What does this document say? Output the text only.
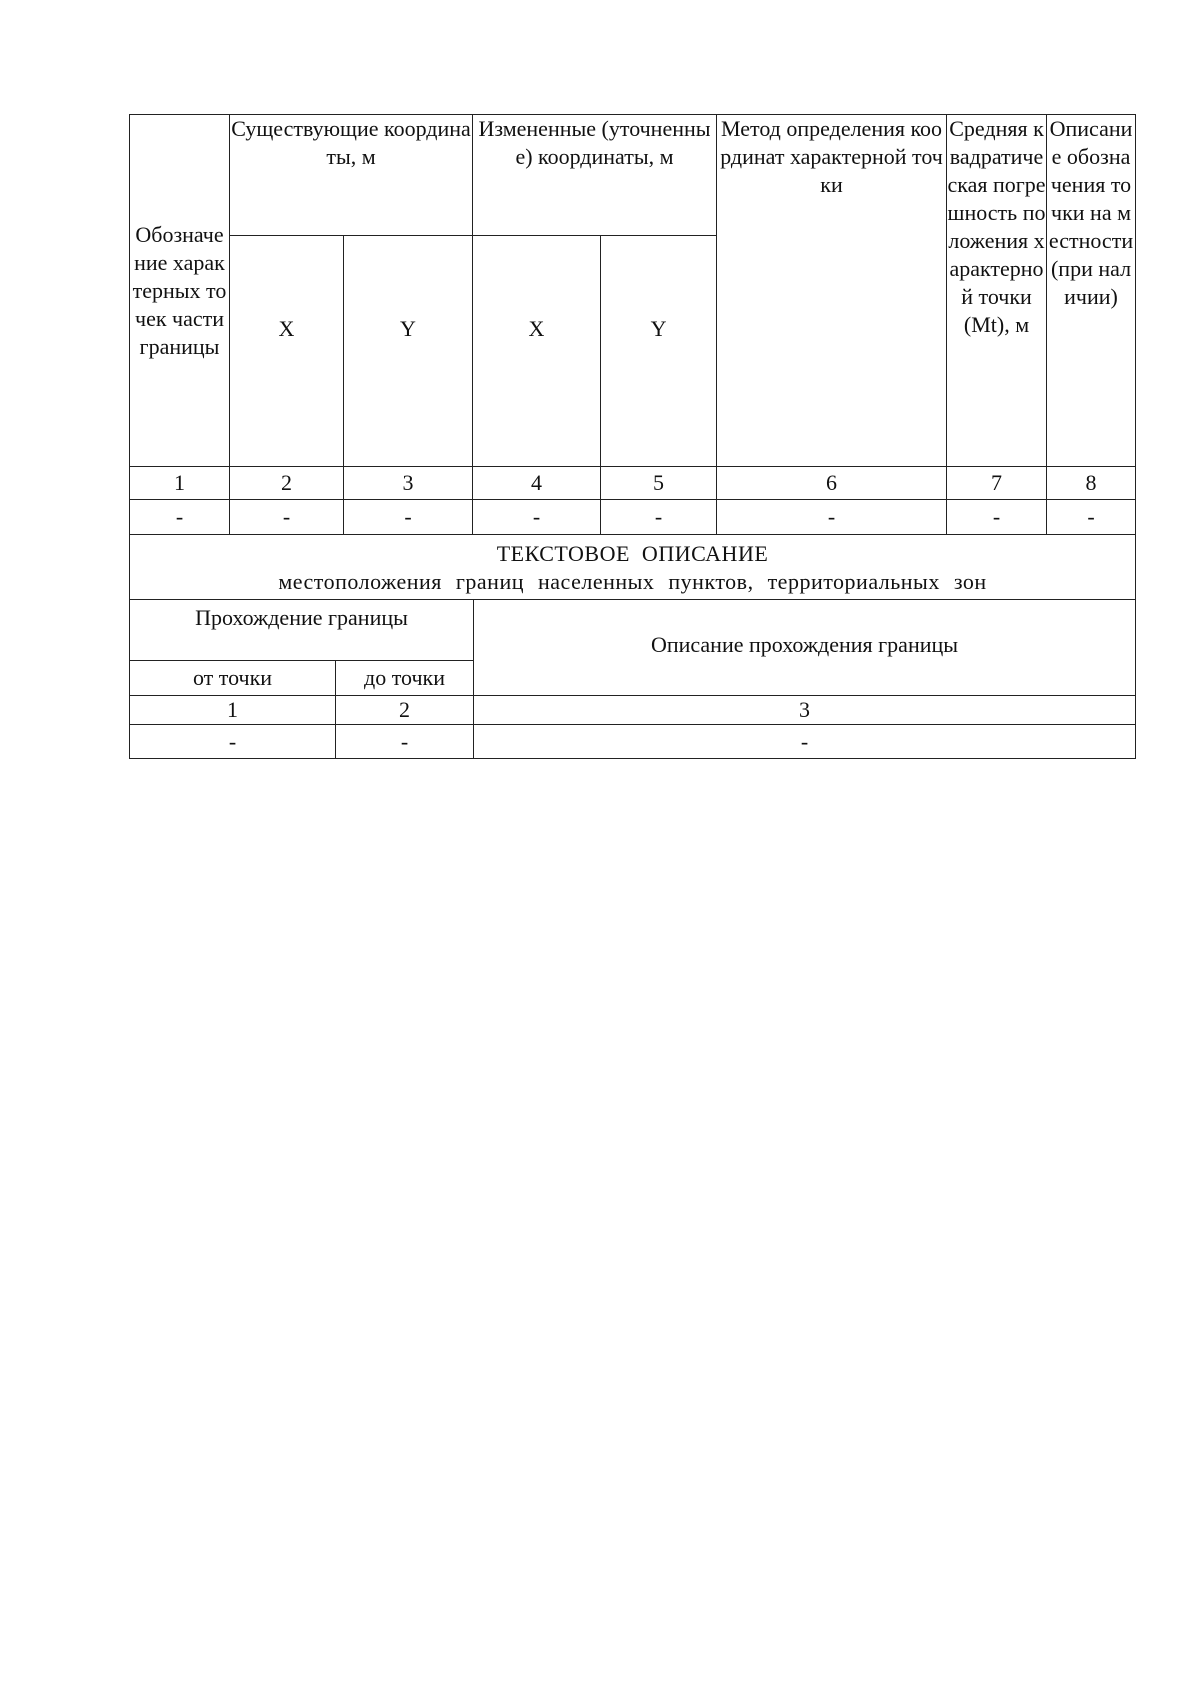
Обозначение характерных точек части границы	Существующие координаты, м		Измененные (уточненные) координаты, м		Метод определения координат характерной точки	Средняя квадратическая погрешность положения характерной точки (Mt), м	Описание обозначения точки на местности (при наличии)
	X	Y	X	Y			
1	2	3	4	5	6	7	8
-	-	-	-	-	-	-	-
ТЕКСТОВОЕ ОПИСАНИЕ
местоположения границ населенных пунктов, территориальных зон		

Прохождение границы		Описание прохождения границы
от точки	до точки	
1	2	3
-	-	-
